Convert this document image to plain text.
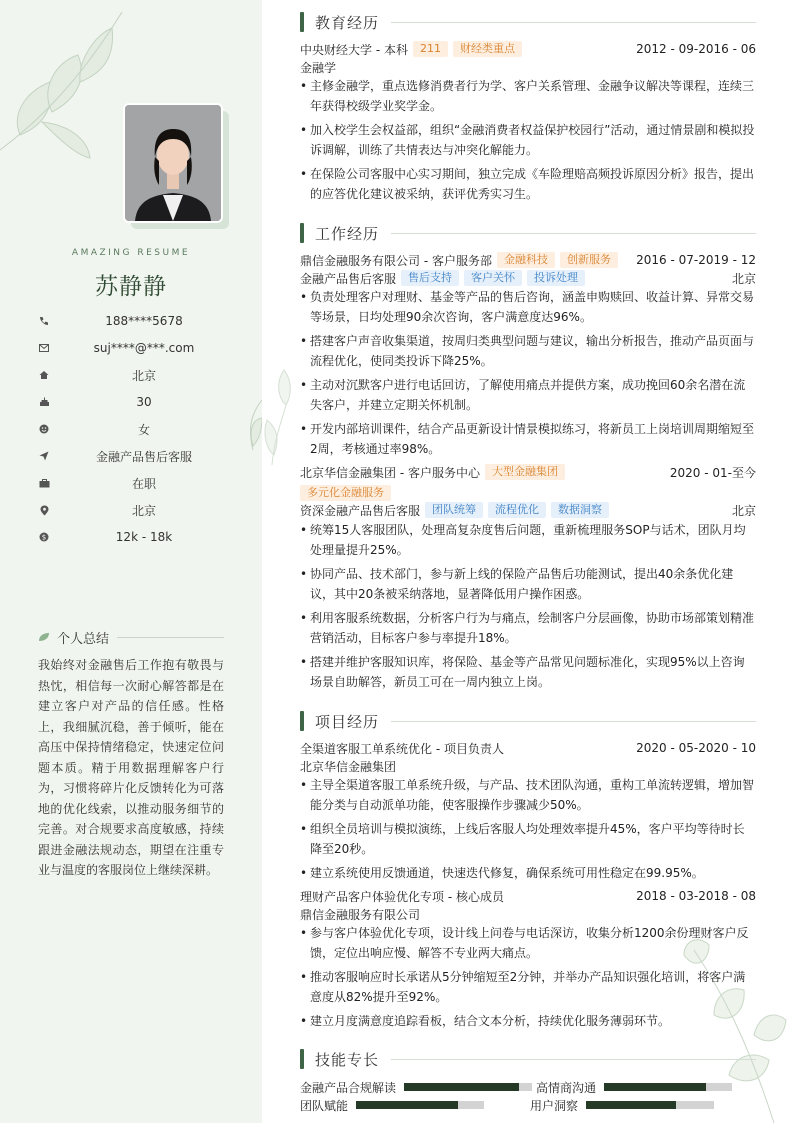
AMAZING RESUME
苏静静
188****5678
suj****@***.com
北京
30
女
金融产品售后客服
在职
北京
$	12k - 18k
个人总结
我始终对金融售后工作抱有敬畏与热忱，相信每一次耐心解答都是在建立客户对产品的信任感。性格上，我细腻沉稳，善于倾听，能在高压中保持情绪稳定，快速定位问题本质。精于用数据理解客户行为，习惯将碎片化反馈转化为可落地的优化线索，以推动服务细节的完善。对合规要求高度敏感，持续跟进金融法规动态，期望在注重专业与温度的客服岗位上继续深耕。
教育经历
中央财经大学 - 本科	211	财经类重点	2012 - 09-2016 - 06
金融学
• 主修金融学，重点选修消费者行为学、客户关系管理、金融争议解决等课程，连续三年获得校级学业奖学金。
• 加入校学生会权益部，组织“金融消费者权益保护校园行”活动，通过情景剧和模拟投诉调解，训练了共情表达与冲突化解能力。
• 在保险公司客服中心实习期间，独立完成《车险理赔高频投诉原因分析》报告，提出的应答优化建议被采纳，获评优秀实习生。
工作经历
鼎信金融服务有限公司 - 客户服务部	金融科技	创新服务	2016 - 07-2019 - 12
金融产品售后客服	售后支持	客户关怀	投诉处理	北京
• 负责处理客户对理财、基金等产品的售后咨询，涵盖申购赎回、收益计算、异常交易等场景，日均处理90余次咨询，客户满意度达96%。
• 搭建客户声音收集渠道，按周归类典型问题与建议，输出分析报告，推动产品页面与流程优化，使同类投诉下降25%。
• 主动对沉默客户进行电话回访，了解使用痛点并提供方案，成功挽回60余名潜在流失客户，并建立定期关怀机制。
• 开发内部培训课件，结合产品更新设计情景模拟练习，将新员工上岗培训周期缩短至2周，考核通过率98%。
北京华信金融集团 - 客户服务中心	大型金融集团	2020 - 01-至今
多元化金融服务
资深金融产品售后客服	团队统筹	流程优化	数据洞察	北京
• 统筹15人客服团队，处理高复杂度售后问题，重新梳理服务SOP与话术，团队月均处理量提升25%。
• 协同产品、技术部门，参与新上线的保险产品售后功能测试，提出40余条优化建议，其中20条被采纳落地，显著降低用户操作困惑。
• 利用客服系统数据，分析客户行为与痛点，绘制客户分层画像，协助市场部策划精准营销活动，目标客户参与率提升18%。
• 搭建并维护客服知识库，将保险、基金等产品常见问题标准化，实现95%以上咨询场景自助解答，新员工可在一周内独立上岗。
项目经历
全渠道客服工单系统优化 - 项目负责人	2020 - 05-2020 - 10
北京华信金融集团
• 主导全渠道客服工单系统升级，与产品、技术团队沟通，重构工单流转逻辑，增加智能分类与自动派单功能，使客服操作步骤减少50%。
• 组织全员培训与模拟演练，上线后客服人均处理效率提升45%，客户平均等待时长降至20秒。
• 建立系统使用反馈通道，快速迭代修复，确保系统可用性稳定在99.95%。
理财产品客户体验优化专项 - 核心成员	2018 - 03-2018 - 08
鼎信金融服务有限公司
• 参与客户体验优化专项，设计线上问卷与电话深访，收集分析1200余份理财客户反馈，定位出响应慢、解答不专业两大痛点。
• 推动客服响应时长承诺从5分钟缩短至2分钟，并举办产品知识强化培训，将客户满意度从82%提升至92%。
• 建立月度满意度追踪看板，结合文本分析，持续优化服务薄弱环节。
技能专长
金融产品合规解读	高情商沟通
团队赋能	用户洞察
